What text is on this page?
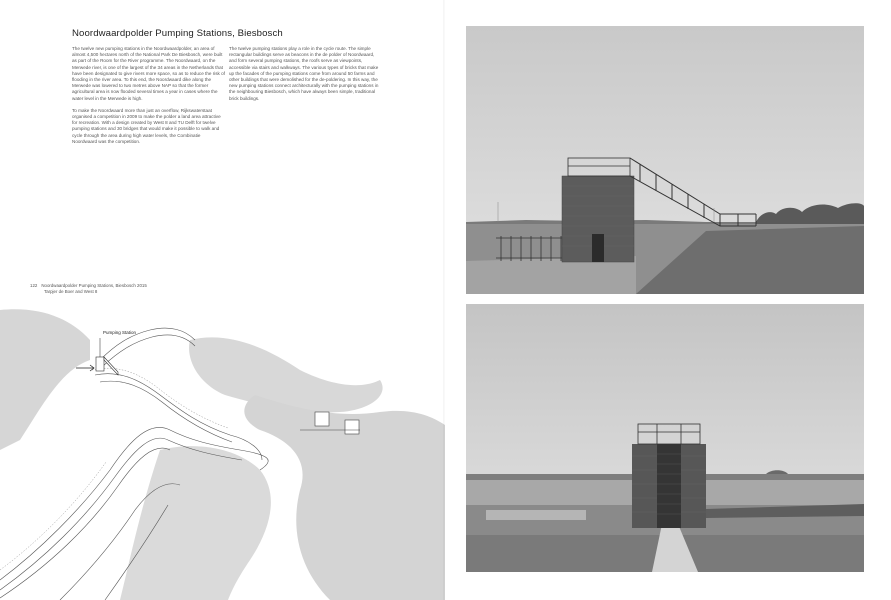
Noordwaardpolder Pumping Stations, Biesbosch

The twelve new pumping stations in the Noordwaardpolder, an area of almost 4,500 hectares north of the National Park De Biesbosch, were built as part of the Room for the River programme. The Noordwaard, on the Merwede river, is one of the largest of the 34 areas in the Netherlands that have been designated to give rivers more space, so as to reduce the risk of flooding in the river area. To this end, the Noordwaard dike along the Merwede was lowered to two metres above NAP so that the former agricultural area is now flooded several times a year in cases where the water level in the Merwede is high.

To make the Noordwaard more than just an overflow, Rijkswaterstaat organised a competition in 2009 to make the polder a land area attractive for recreation. With a design created by West 8 and TU Delft for twelve pumping stations and 30 bridges that would make it possible to walk and cycle through the area during high water levels, the Combinatie Noordwaard was the competition.

The twelve pumping stations play a role in the cycle route. The simple rectangular buildings serve as beacons in the de polder of Noordwaard, and form several pumping stations, the roofs serve as viewpoints, accessible via stairs and walkways. The various types of bricks that make up the facades of the pumping stations come from around 50 farms and other buildings that were demolished for the de-poldering. In this way, the new pumping stations connect architecturally with the pumping stations in the neighbouring Biesbosch, which have always been simple, traditional brick buildings.

122 Noordwaardpolder Pumping Stations, Biesbosch 2015
Tarpjer de Boer and West 8
Pumping Station
